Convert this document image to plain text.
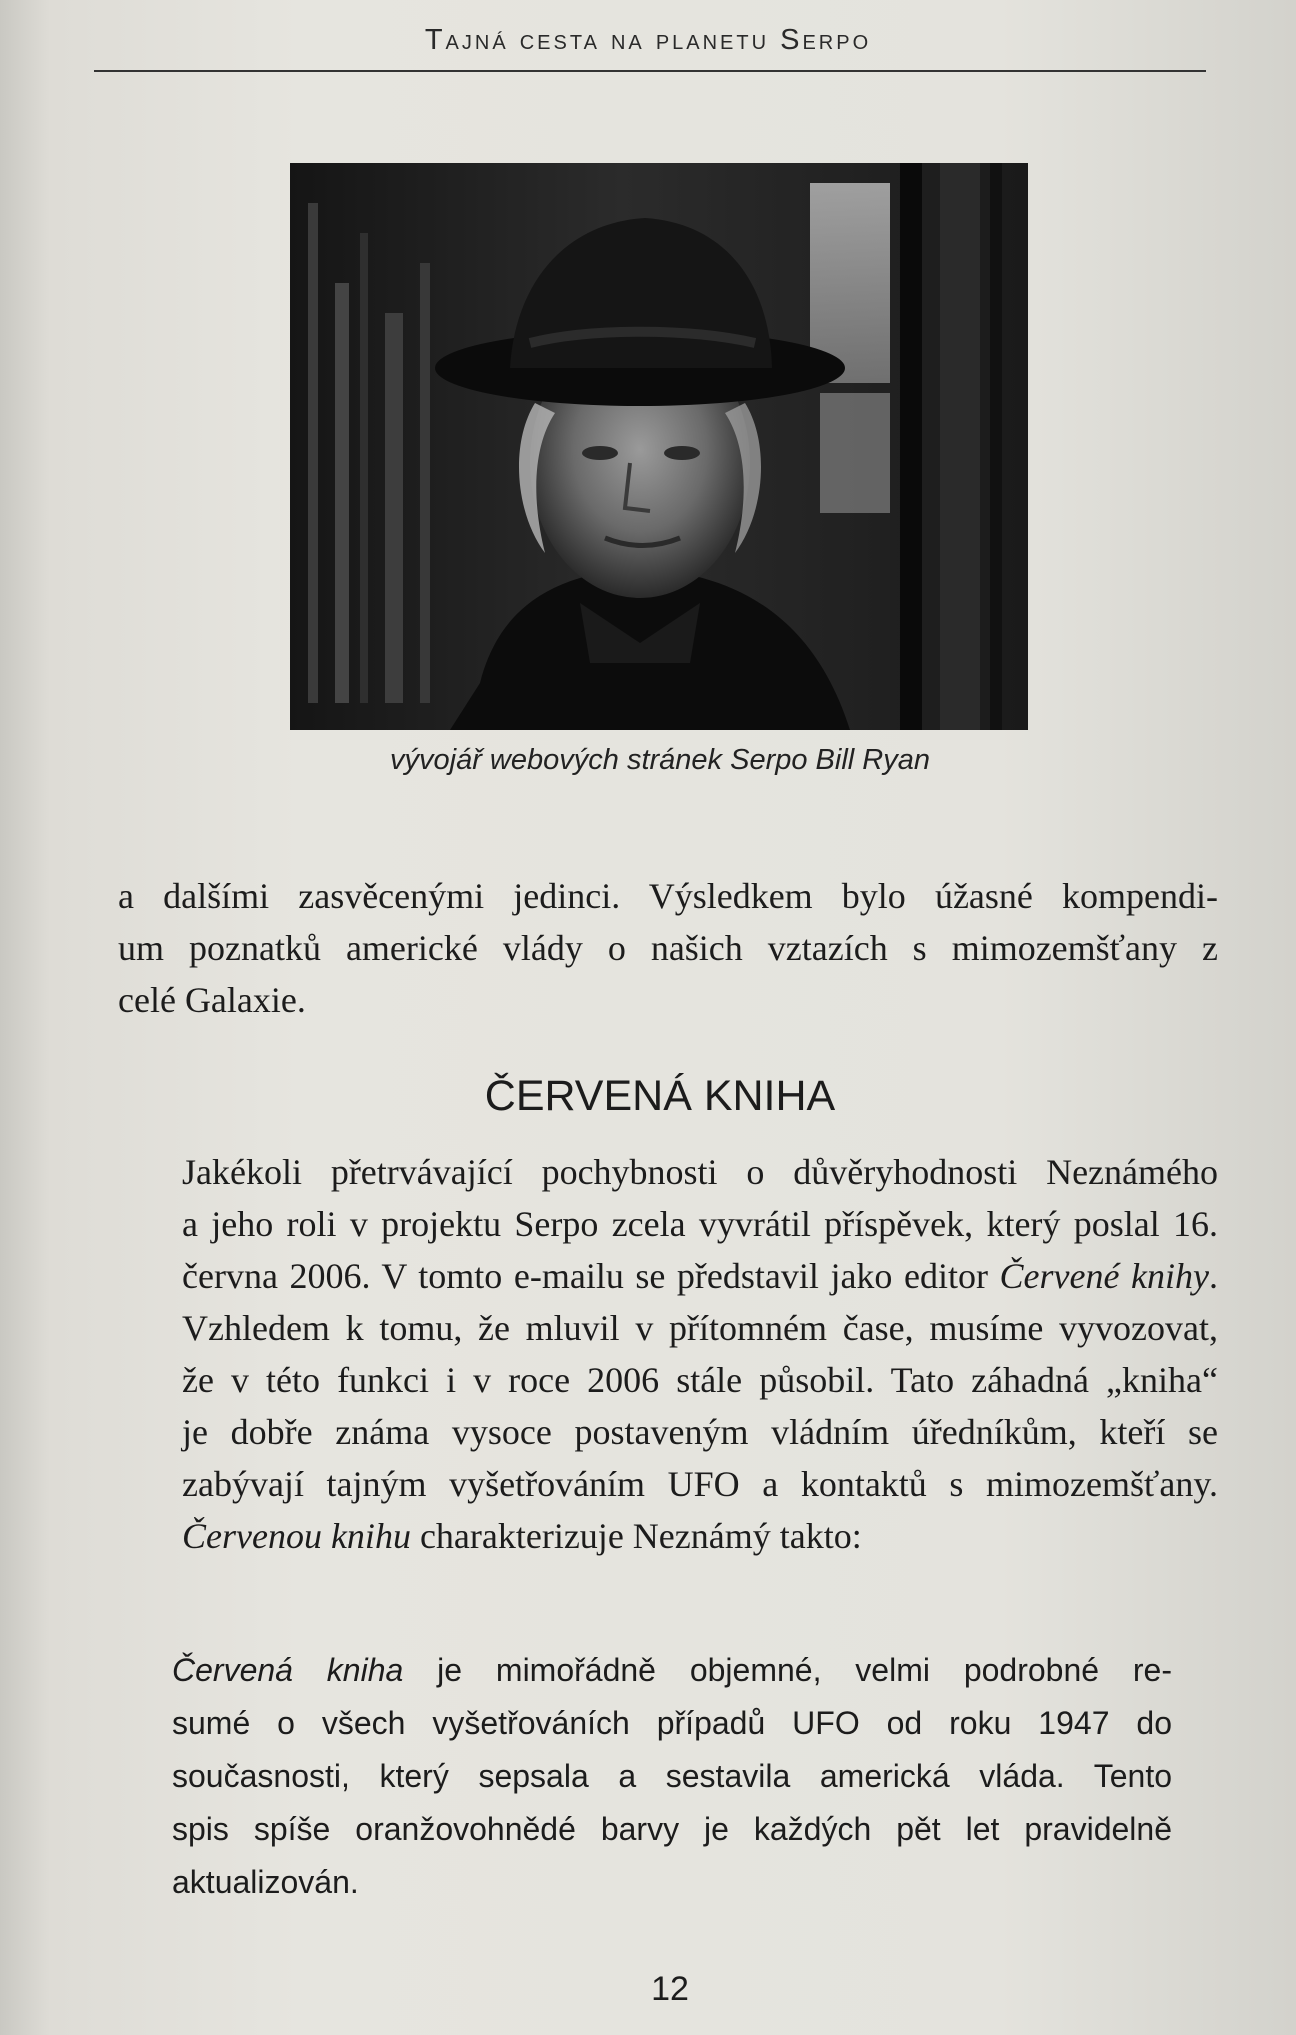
Tajná cesta na planetu Serpo
vývojář webových stránek Serpo Bill Ryan
a dalšími zasvěcenými jedinci. Výsledkem bylo úžasné kompendi-
um poznatků americké vlády o našich vztazích s mimozemšťany z
celé Galaxie.
ČERVENÁ KNIHA
Jakékoli přetrvávající pochybnosti o důvěryhodnosti Neznámého
a jeho roli v projektu Serpo zcela vyvrátil příspěvek, který poslal 16.
června 2006. V tomto e-mailu se představil jako editor Červené knihy.
Vzhledem k tomu, že mluvil v přítomném čase, musíme vyvozovat,
že v této funkci i v roce 2006 stále působil. Tato záhadná „kniha“
je dobře známa vysoce postaveným vládním úředníkům, kteří se
zabývají tajným vyšetřováním UFO a kontaktů s mimozemšťany.
Červenou knihu charakterizuje Neznámý takto:
Červená kniha je mimořádně objemné, velmi podrobné re-
sumé o všech vyšetřováních případů UFO od roku 1947 do
současnosti, který sepsala a sestavila americká vláda. Tento
spis spíše oranžovohnědé barvy je každých pět let pravidelně
aktualizován.
12
